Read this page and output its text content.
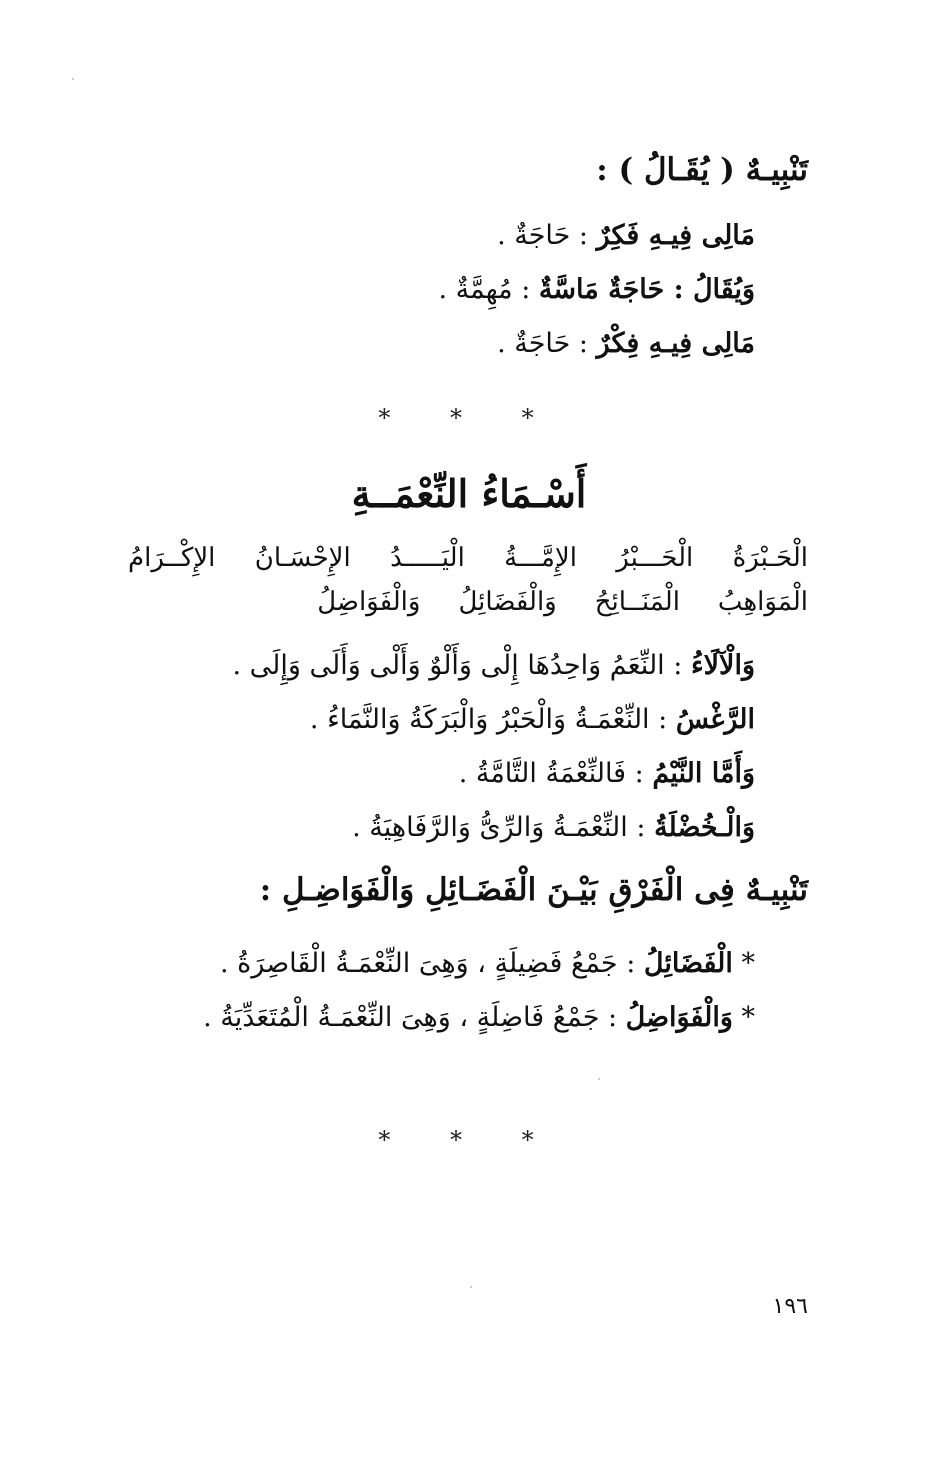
تَنْبِيـهٌ ( يُقَـالُ ) :
مَالِى فِيـهِ فَكِرٌ : حَاجَةٌ .
وَيُقَالُ : حَاجَةٌ مَاسَّةٌ : مُهِمَّةٌ .
مَالِى فِيـهِ فِكْرٌ : حَاجَةٌ .
* * *
أَسْـمَاءُ النِّعْمَــةِ
الْحَـبْرَةُ
الْحَـــبْرُ
الإِمَّـــةُ
الْيَـــــدُ
الإِحْسَـانُ
الإِكْــرَامُ
الْمَوَاهِبُ
الْمَنَــائِحُ
وَالْفَضَائِلُ
وَالْفَوَاضِلُ
وَالْآلَاءُ : النِّعَمُ وَاحِدُهَا إِلْى وَأَلْوٌ وَأَلْى وَأَلَى وَإِلَى .
الرَّغْسُ : النِّعْمَـةُ وَالْحَبْرُ وَالْبَرَكَةُ وَالنَّمَاءُ .
وَأَمَّا النَّيْمُ : فَالنِّعْمَةُ التَّامَّةُ .
وَالْـخُضْلَةُ : النِّعْمَـةُ وَالرِّىُّ وَالرَّفَاهِيَةُ .
تَنْبِيـهٌ فِى الْفَرْقِ بَيْـنَ الْفَضَـائِلِ وَالْفَوَاضِـلِ :
* الْفَضَائِلُ : جَمْعُ فَضِيلَةٍ ، وَهِىَ النِّعْمَـةُ الْقَاصِرَةُ .
* وَالْفَوَاضِلُ : جَمْعُ فَاضِلَةٍ ، وَهِىَ النِّعْمَـةُ الْمُتَعَدِّيَةُ .
* * *
١٩٦
